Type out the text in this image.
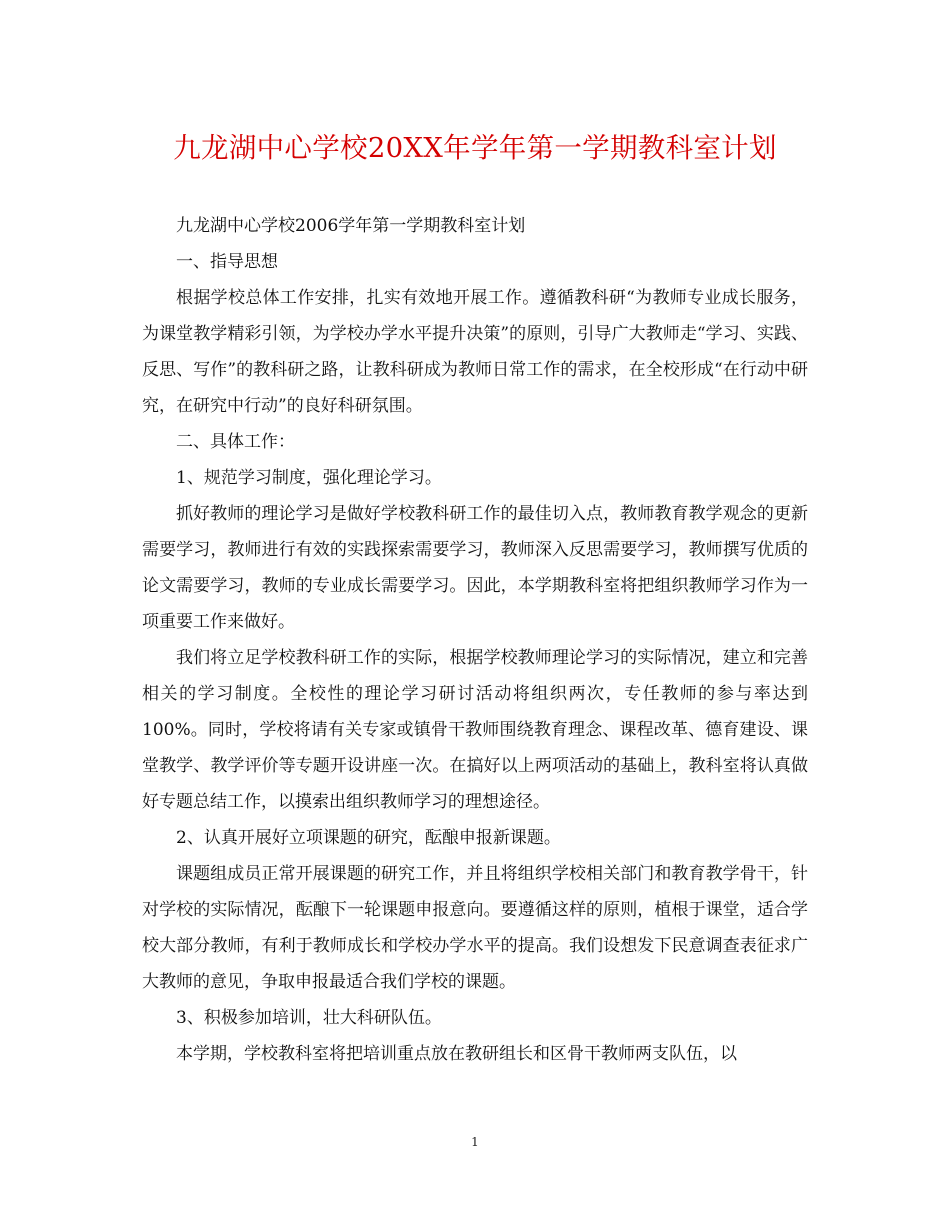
九龙湖中心学校20XX年学年第一学期教科室计划

九龙湖中心学校2006学年第一学期教科室计划

一、指导思想

根据学校总体工作安排，扎实有效地开展工作。遵循教科研“为教师专业成长服务，为课堂教学精彩引领，为学校办学水平提升决策”的原则，引导广大教师走“学习、实践、反思、写作”的教科研之路，让教科研成为教师日常工作的需求，在全校形成“在行动中研究，在研究中行动”的良好科研氛围。

二、具体工作：

1、规范学习制度，强化理论学习。

抓好教师的理论学习是做好学校教科研工作的最佳切入点，教师教育教学观念的更新需要学习，教师进行有效的实践探索需要学习，教师深入反思需要学习，教师撰写优质的论文需要学习，教师的专业成长需要学习。因此，本学期教科室将把组织教师学习作为一项重要工作来做好。

我们将立足学校教科研工作的实际，根据学校教师理论学习的实际情况，建立和完善相关的学习制度。全校性的理论学习研讨活动将组织两次，专任教师的参与率达到100%。同时，学校将请有关专家或镇骨干教师围绕教育理念、课程改革、德育建设、课堂教学、教学评价等专题开设讲座一次。在搞好以上两项活动的基础上，教科室将认真做好专题总结工作，以摸索出组织教师学习的理想途径。

2、认真开展好立项课题的研究，酝酿申报新课题。

课题组成员正常开展课题的研究工作，并且将组织学校相关部门和教育教学骨干，针对学校的实际情况，酝酿下一轮课题申报意向。要遵循这样的原则，植根于课堂，适合学校大部分教师，有利于教师成长和学校办学水平的提高。我们设想发下民意调查表征求广大教师的意见，争取申报最适合我们学校的课题。

3、积极参加培训，壮大科研队伍。

本学期，学校教科室将把培训重点放在教研组长和区骨干教师两支队伍，以

1
